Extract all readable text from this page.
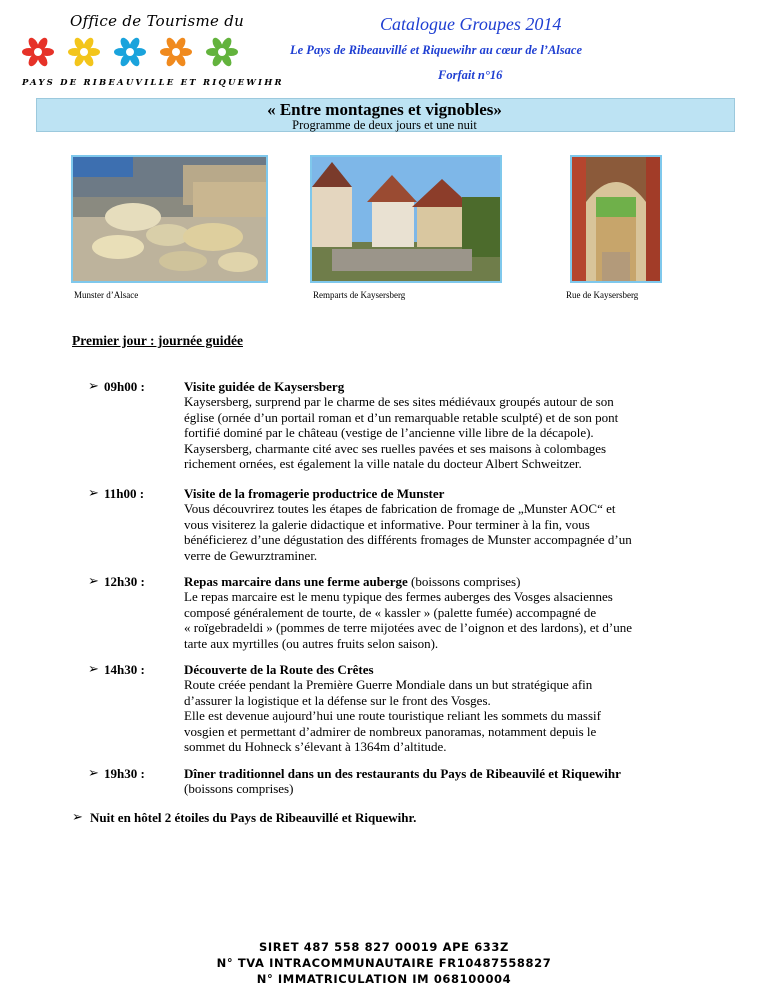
Office de Tourisme du
PAYS DE RIBEAUVILLE ET RIQUEWIHR
Catalogue Groupes 2014
Le Pays de Ribeauvillé et Riquewihr au cœur de l’Alsace
Forfait n°16
« Entre montagnes et vignobles»
Programme de deux jours et une nuit
Munster d’Alsace	Remparts de Kaysersberg	Rue de Kaysersberg
Premier jour : journée guidée
➢ 09h00 :	Visite guidée de Kaysersberg
Kaysersberg, surprend par le charme de ses sites médiévaux groupés autour de son
église (ornée d’un portail roman et d’un remarquable retable sculpté) et de son pont
fortifié dominé par le château (vestige de l’ancienne ville libre de la décapole).
Kaysersberg, charmante cité avec ses ruelles pavées et ses maisons à colombages
richement ornées, est également la ville natale du docteur Albert Schweitzer.
➢ 11h00 :	Visite de la fromagerie productrice de Munster
Vous découvrirez toutes les étapes de fabrication de fromage de „Munster AOC“ et
vous visiterez la galerie didactique et informative. Pour terminer à la fin, vous
bénéficierez d’une dégustation des différents fromages de Munster accompagnée d’un
verre de Gewurztraminer.
➢ 12h30 :	Repas marcaire dans une ferme auberge (boissons comprises)
Le repas marcaire est le menu typique des fermes auberges des Vosges alsaciennes
composé généralement de tourte, de « kassler » (palette fumée) accompagné de
« roïgebradeldi » (pommes de terre mijotées avec de l’oignon et des lardons), et d’une
tarte aux myrtilles (ou autres fruits selon saison).
➢ 14h30 :	Découverte de la Route des Crêtes
Route créée pendant la Première Guerre Mondiale dans un but stratégique afin
d’assurer la logistique et la défense sur le front des Vosges.
Elle est devenue aujourd’hui une route touristique reliant les sommets du massif
vosgien et permettant d’admirer de nombreux panoramas, notamment depuis le
sommet du Hohneck s’élevant à 1364m d’altitude.
➢ 19h30 :	Dîner traditionnel dans un des restaurants du Pays de Ribeauvilé et Riquewihr
(boissons comprises)
➢ Nuit en hôtel 2 étoiles du Pays de Ribeauvillé et Riquewihr.
SIRET 487 558 827 00019 APE 633Z
N° TVA INTRACOMMUNAUTAIRE FR10487558827
N° IMMATRICULATION IM 068100004
